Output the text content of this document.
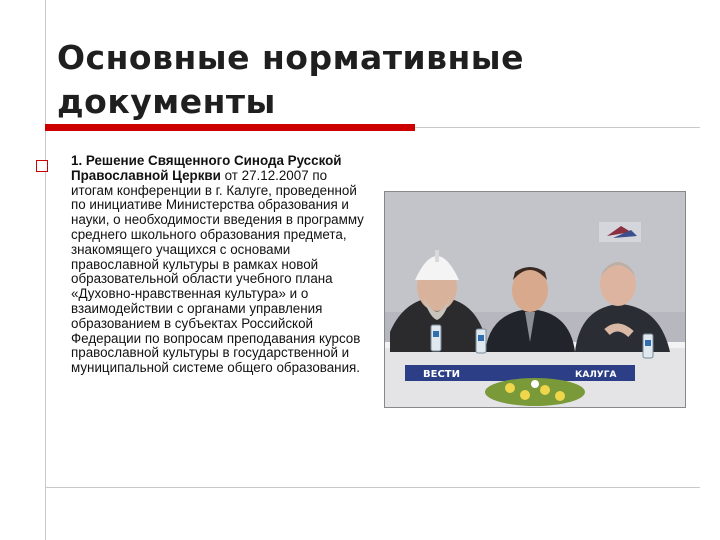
Основные нормативные документы
1. Решение Священного Синода Русской Православной Церкви от 27.12.2007 по итогам конференции в г. Калуге, проведенной по инициативе Министерства образования и науки, о необходимости введения в программу среднего школьного образования предмета, знакомящего учащихся с основами православной культуры в рамках новой образовательной области учебного плана «Духовно-нравственная культура» и о взаимодействии с органами управления образованием в субъектах Российской Федерации по вопросам преподавания курсов православной культуры в государственной и муниципальной системе общего образования.	ВЕСТИ	КАЛУГА
